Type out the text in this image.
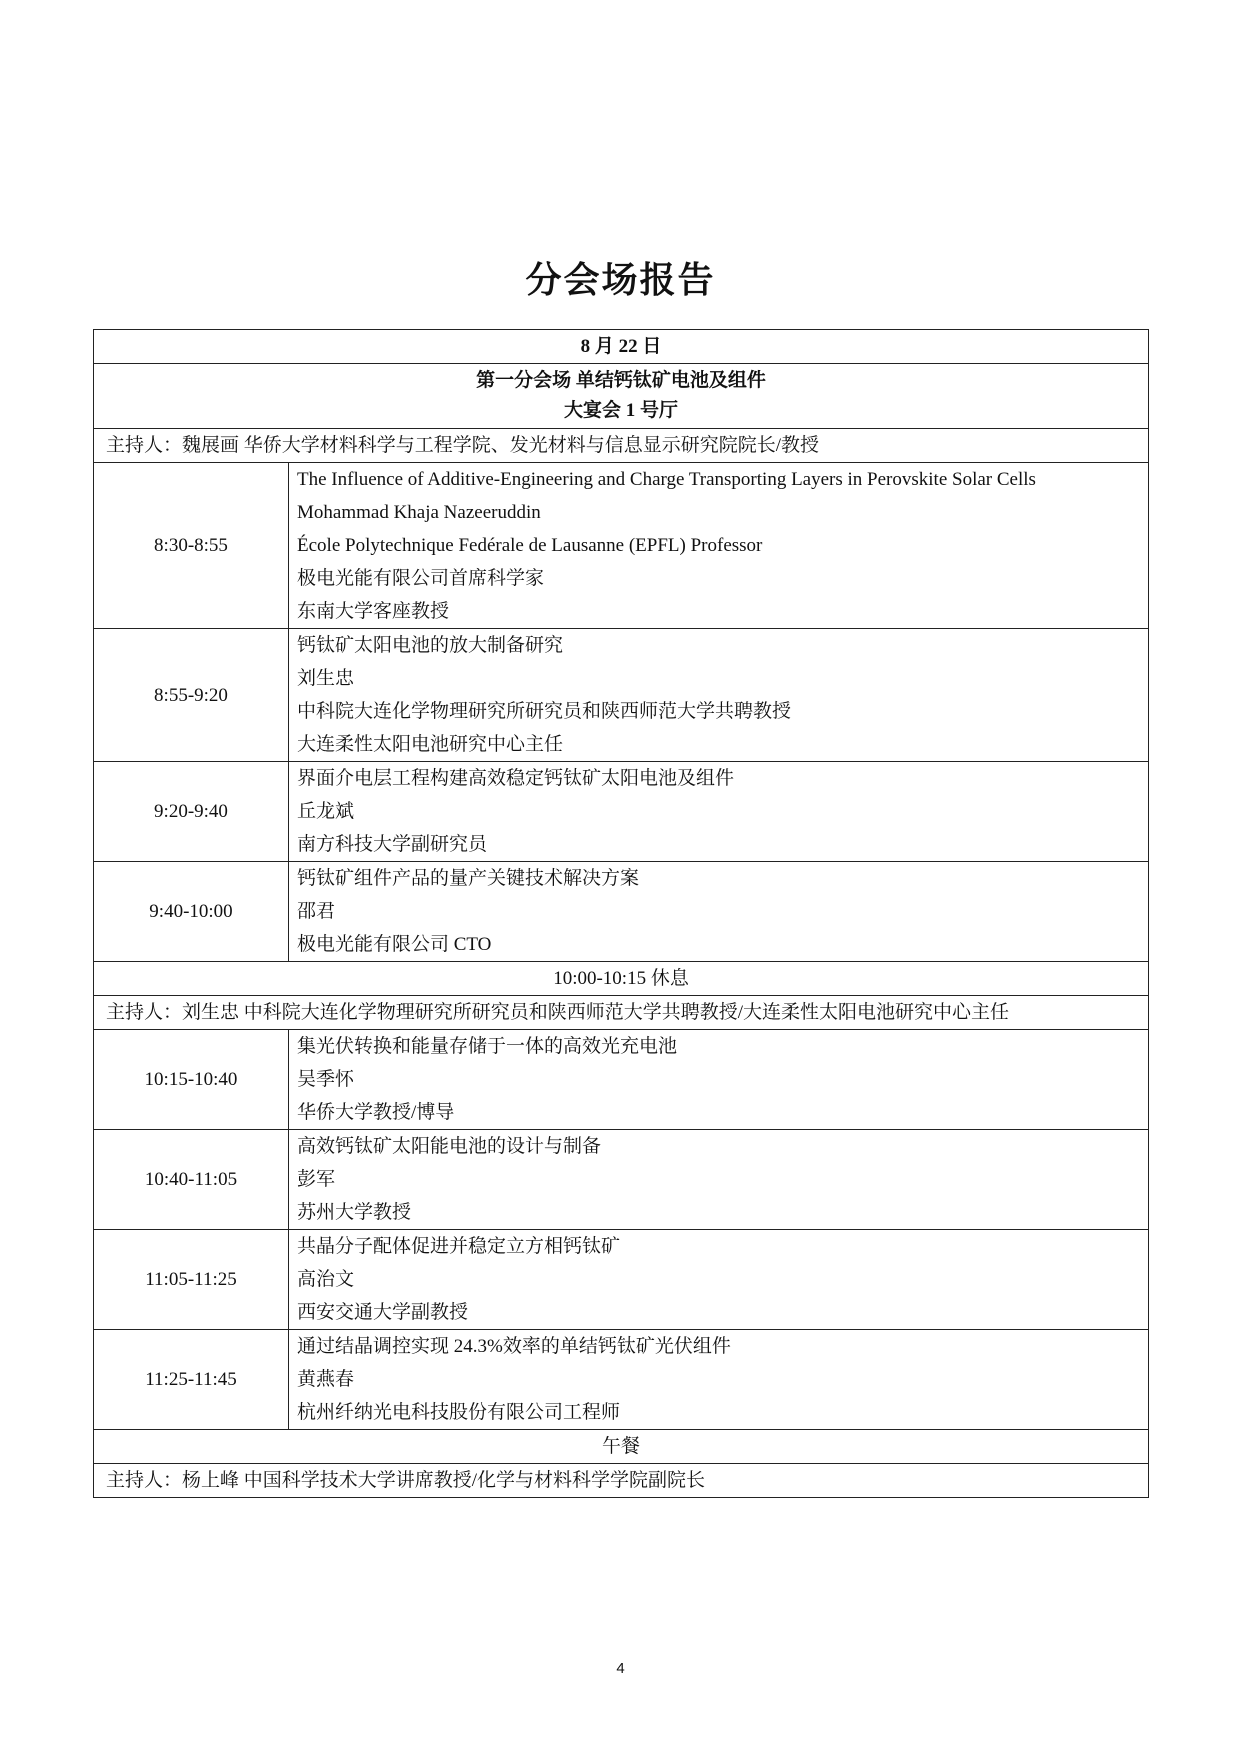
分会场报告
8 月 22 日	

第一分会场 单结钙钛矿电池及组件
大宴会 1 号厅	

主持人：魏展画 华侨大学材料科学与工程学院、发光材料与信息显示研究院院长/教授	
8:30-8:55	The Influence of Additive-Engineering and Charge Transporting Layers in Perovskite Solar Cells
Mohammad Khaja Nazeeruddin
École Polytechnique Fedérale de Lausanne (EPFL) Professor
极电光能有限公司首席科学家
东南大学客座教授

8:55-9:20	钙钛矿太阳电池的放大制备研究
刘生忠
中科院大连化学物理研究所研究员和陕西师范大学共聘教授
大连柔性太阳电池研究中心主任

9:20-9:40	界面介电层工程构建高效稳定钙钛矿太阳电池及组件
丘龙斌
南方科技大学副研究员

9:40-10:00	钙钛矿组件产品的量产关键技术解决方案
邵君
极电光能有限公司 CTO

10:00-10:15 休息	
主持人：刘生忠 中科院大连化学物理研究所研究员和陕西师范大学共聘教授/大连柔性太阳电池研究中心主任	
10:15-10:40	集光伏转换和能量存储于一体的高效光充电池
吴季怀
华侨大学教授/博导

10:40-11:05	高效钙钛矿太阳能电池的设计与制备
彭军
苏州大学教授

11:05-11:25	共晶分子配体促进并稳定立方相钙钛矿
高治文
西安交通大学副教授

11:25-11:45	通过结晶调控实现 24.3%效率的单结钙钛矿光伏组件
黄燕春
杭州纤纳光电科技股份有限公司工程师

午餐	
主持人：杨上峰 中国科学技术大学讲席教授/化学与材料科学学院副院长	
4
